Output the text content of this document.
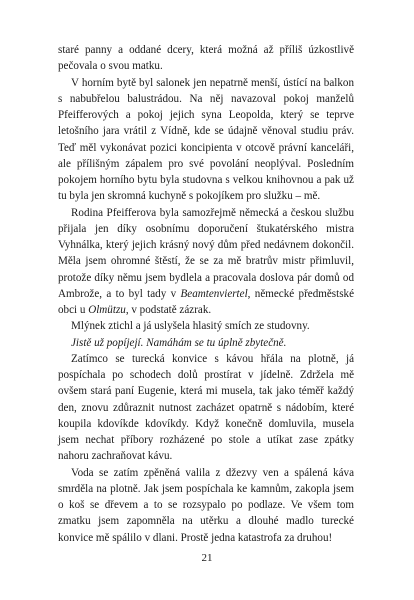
staré panny a oddané dcery, která možná až příliš úzkostlivě pečovala o svou matku.

V horním bytě byl salonek jen nepatrně menší, ústící na balkon s nabubřelou balustrádou. Na něj navazoval pokoj manželů Pfeifferových a pokoj jejich syna Leopolda, který se teprve letošního jara vrátil z Vídně, kde se údajně věnoval studiu práv. Teď měl vykonávat pozici koncipienta v otcově právní kanceláři, ale přílišným zápalem pro své povolání neoplýval. Posledním pokojem horního bytu byla studovna s velkou knihovnou a pak už tu byla jen skromná kuchyně s pokojíkem pro služku – mě.

Rodina Pfeifferova byla samozřejmě německá a českou službu přijala jen díky osobnímu doporučení štukatérského mistra Vyhnálka, který jejich krásný nový dům před nedávnem dokončil. Měla jsem ohromné štěstí, že se za mě bratrův mistr přimluvil, protože díky němu jsem bydlela a pracovala doslova pár domů od Ambrože, a to byl tady v Beamtenviertel, německé předměstské obci u Olmützu, v podstatě zázrak.

Mlýnek ztichl a já uslyšela hlasitý smích ze studovny.

Jistě už popíjejí. Namáhám se tu úplně zbytečně.

Zatímco se turecká konvice s kávou hřála na plotně, já pospíchala po schodech dolů prostírat v jídelně. Zdržela mě ovšem stará paní Eugenie, která mi musela, tak jako téměř každý den, znovu zdůraznit nutnost zacházet opatrně s nádobím, které koupila kdovíkde kdovíkdy. Když konečně domluvila, musela jsem nechat příbory rozházené po stole a utíkat zase zpátky nahoru zachraňovat kávu.

Voda se zatím zpěněná valila z džezvy ven a spálená káva smrděla na plotně. Jak jsem pospíchala ke kamnům, zakopla jsem o koš se dřevem a to se rozsypalo po podlaze. Ve všem tom zmatku jsem zapomněla na utěrku a dlouhé madlo turecké konvice mě spálilo v dlani. Prostě jedna katastrofa za druhou!

21
